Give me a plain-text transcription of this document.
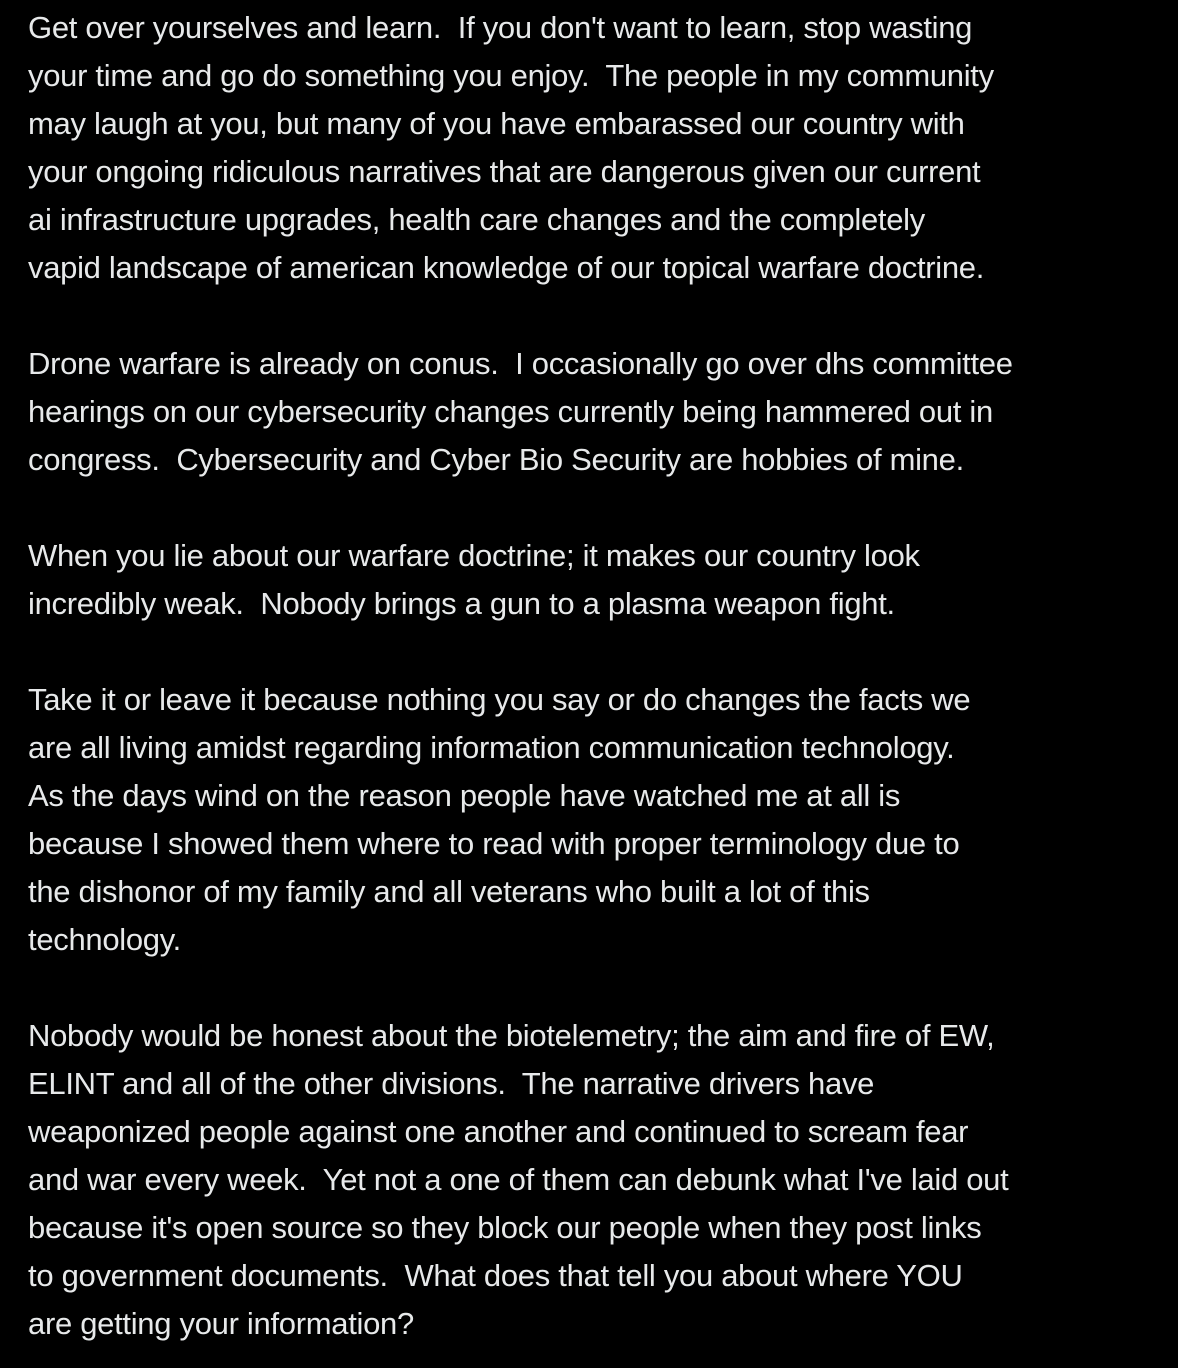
Get over yourselves and learn.  If you don't want to learn, stop wasting
your time and go do something you enjoy.  The people in my community
may laugh at you, but many of you have embarassed our country with
your ongoing ridiculous narratives that are dangerous given our current
ai infrastructure upgrades, health care changes and the completely
vapid landscape of american knowledge of our topical warfare doctrine.

Drone warfare is already on conus.  I occasionally go over dhs committee
hearings on our cybersecurity changes currently being hammered out in
congress.  Cybersecurity and Cyber Bio Security are hobbies of mine.

When you lie about our warfare doctrine; it makes our country look
incredibly weak.  Nobody brings a gun to a plasma weapon fight.

Take it or leave it because nothing you say or do changes the facts we
are all living amidst regarding information communication technology.
As the days wind on the reason people have watched me at all is
because I showed them where to read with proper terminology due to
the dishonor of my family and all veterans who built a lot of this
technology.

Nobody would be honest about the biotelemetry; the aim and fire of EW,
ELINT and all of the other divisions.  The narrative drivers have
weaponized people against one another and continued to scream fear
and war every week.  Yet not a one of them can debunk what I've laid out
because it's open source so they block our people when they post links
to government documents.  What does that tell you about where YOU
are getting your information?
